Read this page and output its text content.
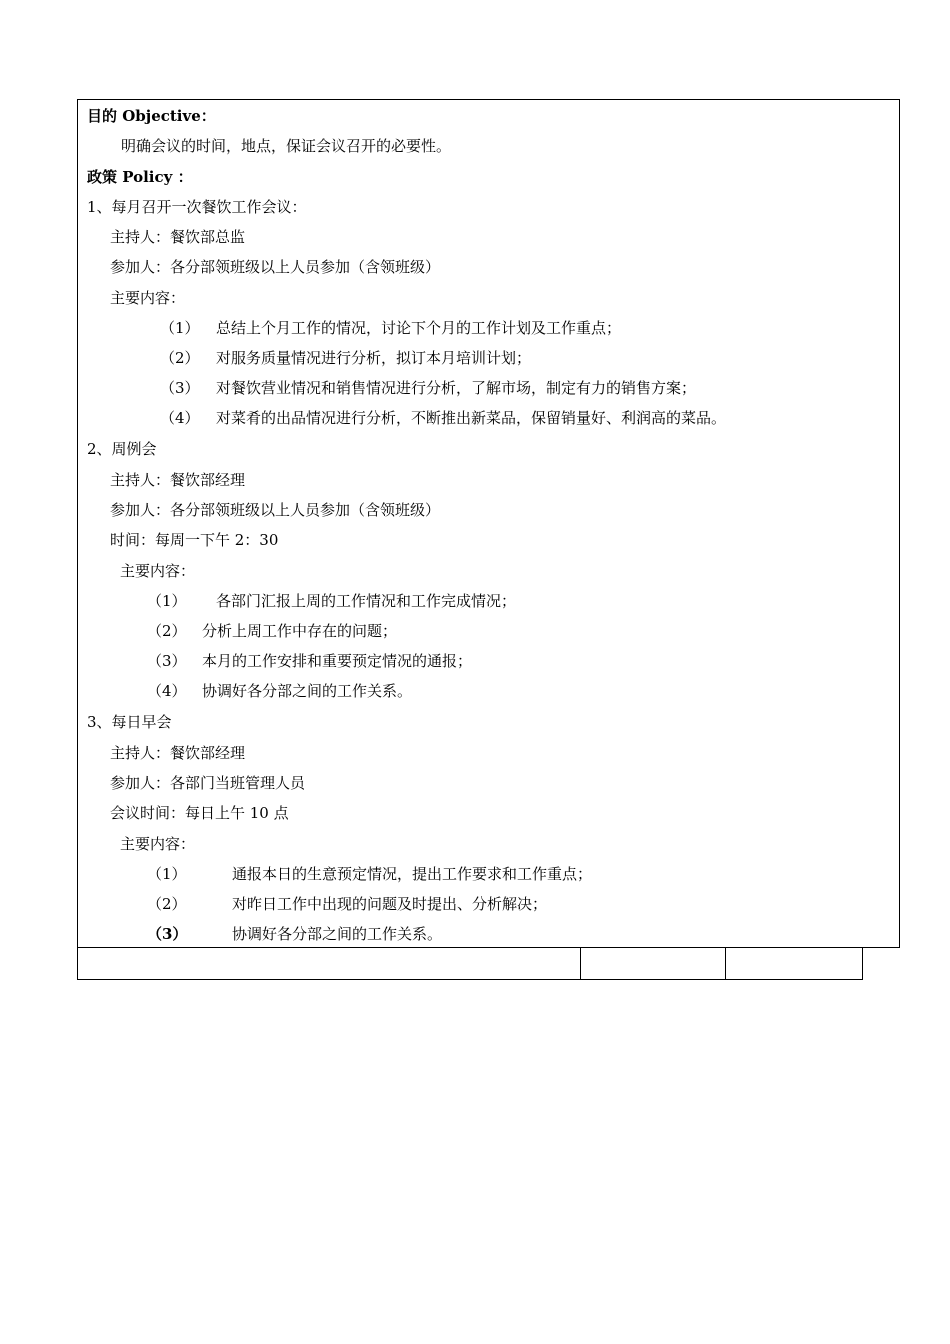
目的 Objective：
明确会议的时间，地点，保证会议召开的必要性。
政策 Policy ：
1、每月召开一次餐饮工作会议：
主持人：餐饮部总监
参加人：各分部领班级以上人员参加（含领班级）
主要内容：
（1） 总结上个月工作的情况，讨论下个月的工作计划及工作重点；
（2） 对服务质量情况进行分析，拟订本月培训计划；
（3） 对餐饮营业情况和销售情况进行分析，了解市场，制定有力的销售方案；
（4） 对菜肴的出品情况进行分析，不断推出新菜品，保留销量好、利润高的菜品。
2、周例会
主持人：餐饮部经理
参加人：各分部领班级以上人员参加（含领班级）
时间：每周一下午 2：30
主要内容：
（1） 各部门汇报上周的工作情况和工作完成情况；
（2） 分析上周工作中存在的问题；
（3） 本月的工作安排和重要预定情况的通报；
（4） 协调好各分部之间的工作关系。
3、每日早会
主持人：餐饮部经理
参加人：各部门当班管理人员
会议时间：每日上午 10 点
主要内容：
（1）	通报本日的生意预定情况，提出工作要求和工作重点；
（2）	对昨日工作中出现的问题及时提出、分析解决；
（3）	协调好各分部之间的工作关系。
